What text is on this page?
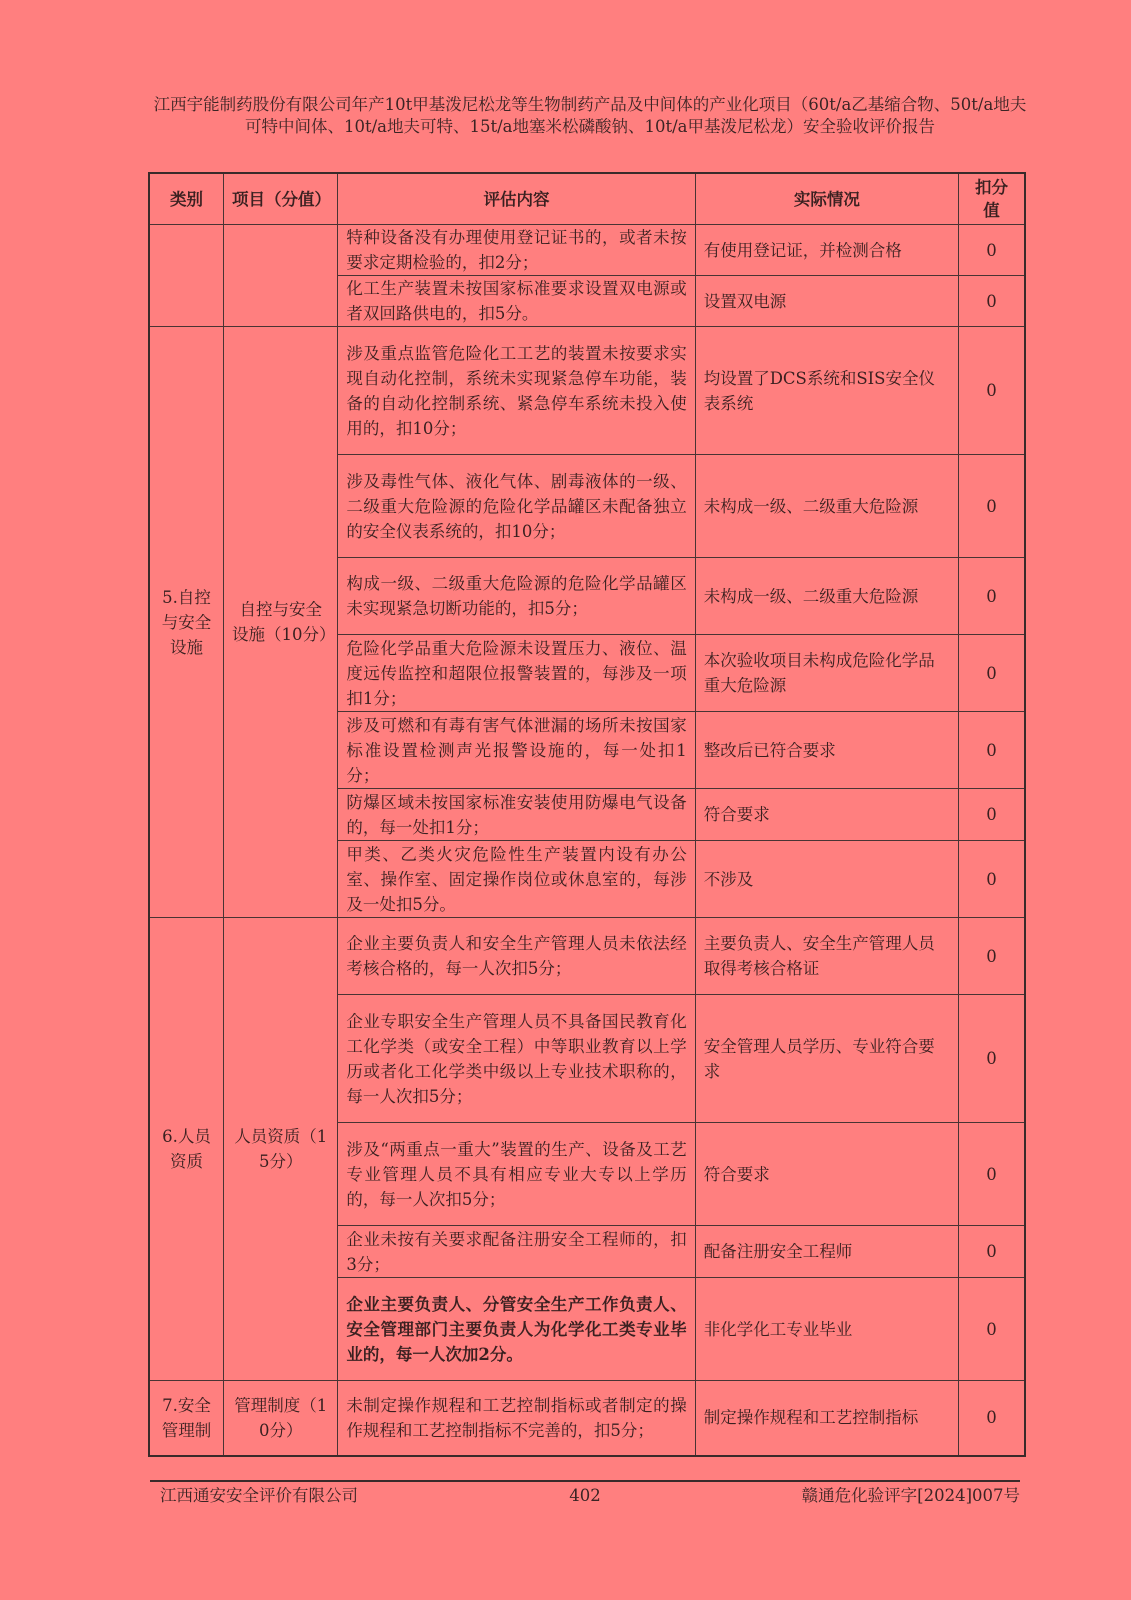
江西宇能制药股份有限公司年产10t甲基泼尼松龙等生物制药产品及中间体的产业化项目（60t/a乙基缩合物、50t/a地夫可特中间体、10t/a地夫可特、15t/a地塞米松磷酸钠、10t/a甲基泼尼松龙）安全验收评价报告
类别	项目（分值）	评估内容	实际情况	扣分值
		特种设备没有办理使用登记证书的，或者未按要求定期检验的，扣2分；	有使用登记证，并检测合格	0
		化工生产装置未按国家标准要求设置双电源或者双回路供电的，扣5分。	设置双电源	0
5.自控与安全设施	自控与安全设施（10分）	涉及重点监管危险化工工艺的装置未按要求实现自动化控制，系统未实现紧急停车功能，装备的自动化控制系统、紧急停车系统未投入使用的，扣10分；	均设置了DCS系统和SIS安全仪表系统	0
		涉及毒性气体、液化气体、剧毒液体的一级、二级重大危险源的危险化学品罐区未配备独立的安全仪表系统的，扣10分；	未构成一级、二级重大危险源	0
		构成一级、二级重大危险源的危险化学品罐区未实现紧急切断功能的，扣5分；	未构成一级、二级重大危险源	0
		危险化学品重大危险源未设置压力、液位、温度远传监控和超限位报警装置的，每涉及一项扣1分；	本次验收项目未构成危险化学品重大危险源	0
		涉及可燃和有毒有害气体泄漏的场所未按国家标准设置检测声光报警设施的，每一处扣1分；	整改后已符合要求	0
		防爆区域未按国家标准安装使用防爆电气设备的，每一处扣1分；	符合要求	0
		甲类、乙类火灾危险性生产装置内设有办公室、操作室、固定操作岗位或休息室的，每涉及一处扣5分。	不涉及	0
6.人员资质	人员资质（15分）	企业主要负责人和安全生产管理人员未依法经考核合格的，每一人次扣5分；	主要负责人、安全生产管理人员取得考核合格证	0
		企业专职安全生产管理人员不具备国民教育化工化学类（或安全工程）中等职业教育以上学历或者化工化学类中级以上专业技术职称的，每一人次扣5分；	安全管理人员学历、专业符合要求	0
		涉及“两重点一重大”装置的生产、设备及工艺专业管理人员不具有相应专业大专以上学历的，每一人次扣5分；	符合要求	0
		企业未按有关要求配备注册安全工程师的，扣3分；	配备注册安全工程师	0
		企业主要负责人、分管安全生产工作负责人、安全管理部门主要负责人为化学化工类专业毕业的，每一人次加2分。	非化学化工专业毕业	0
7.安全管理制	管理制度（10分）	未制定操作规程和工艺控制指标或者制定的操作规程和工艺控制指标不完善的，扣5分；	制定操作规程和工艺控制指标	0
江西通安安全评价有限公司	402	赣通危化验评字[2024]007号
